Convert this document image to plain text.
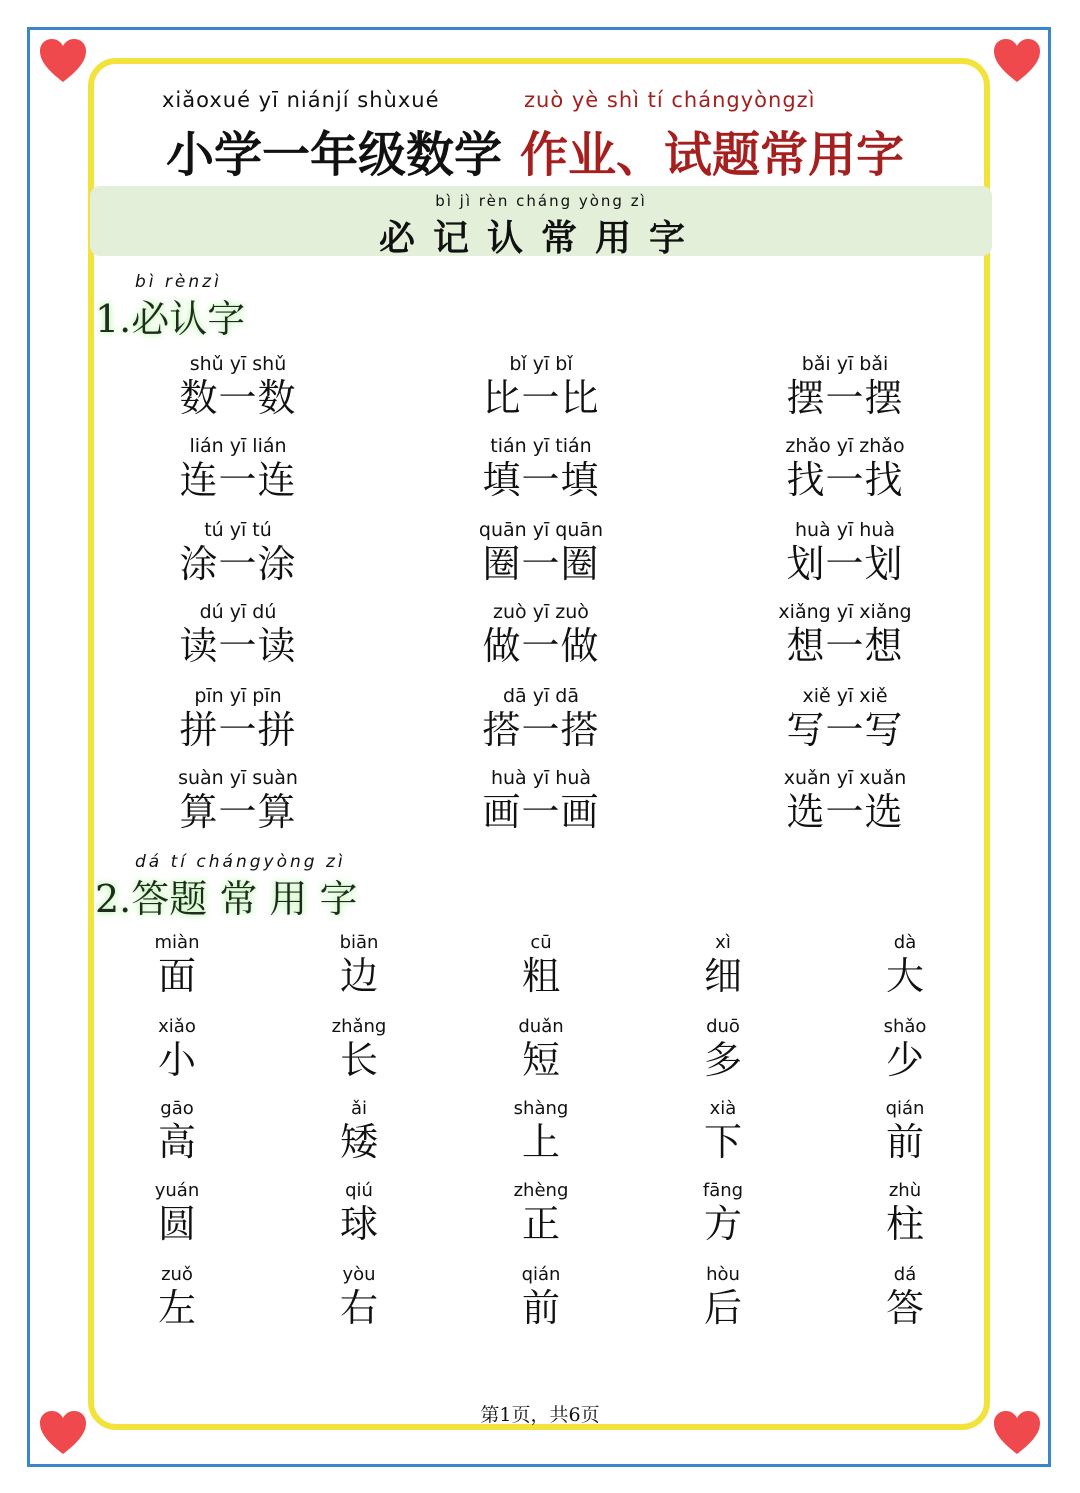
xiǎoxué yī niánjí shùxué	zuò yè shì tí chángyòngzì
小学一年级数学 作业、试题常用字
bì jì rèn cháng yòng zì
必记认常用字
bì rènzì
1.必认字
shǔ yī shǔ
数一数
bǐ yī bǐ
比一比
bǎi yī bǎi
摆一摆
lián yī lián
连一连
tián yī tián
填一填
zhǎo yī zhǎo
找一找
tú yī tú
涂一涂
quān yī quān
圈一圈
huà yī huà
划一划
dú yī dú
读一读
zuò yī zuò
做一做
xiǎng yī xiǎng
想一想
pīn yī pīn
拼一拼
dā yī dā
搭一搭
xiě yī xiě
写一写
suàn yī suàn
算一算
huà yī huà
画一画
xuǎn yī xuǎn
选一选
dá tí chángyòng zì
2.答题 常 用 字
miàn
面
biān
边
cū
粗
xì
细
dà
大
xiǎo
小
zhǎng
长
duǎn
短
duō
多
shǎo
少
gāo
高
ǎi
矮
shàng
上
xià
下
qián
前
yuán
圆
qiú
球
zhèng
正
fāng
方
zhù
柱
zuǒ
左
yòu
右
qián
前
hòu
后
dá
答
第1页，共6页
